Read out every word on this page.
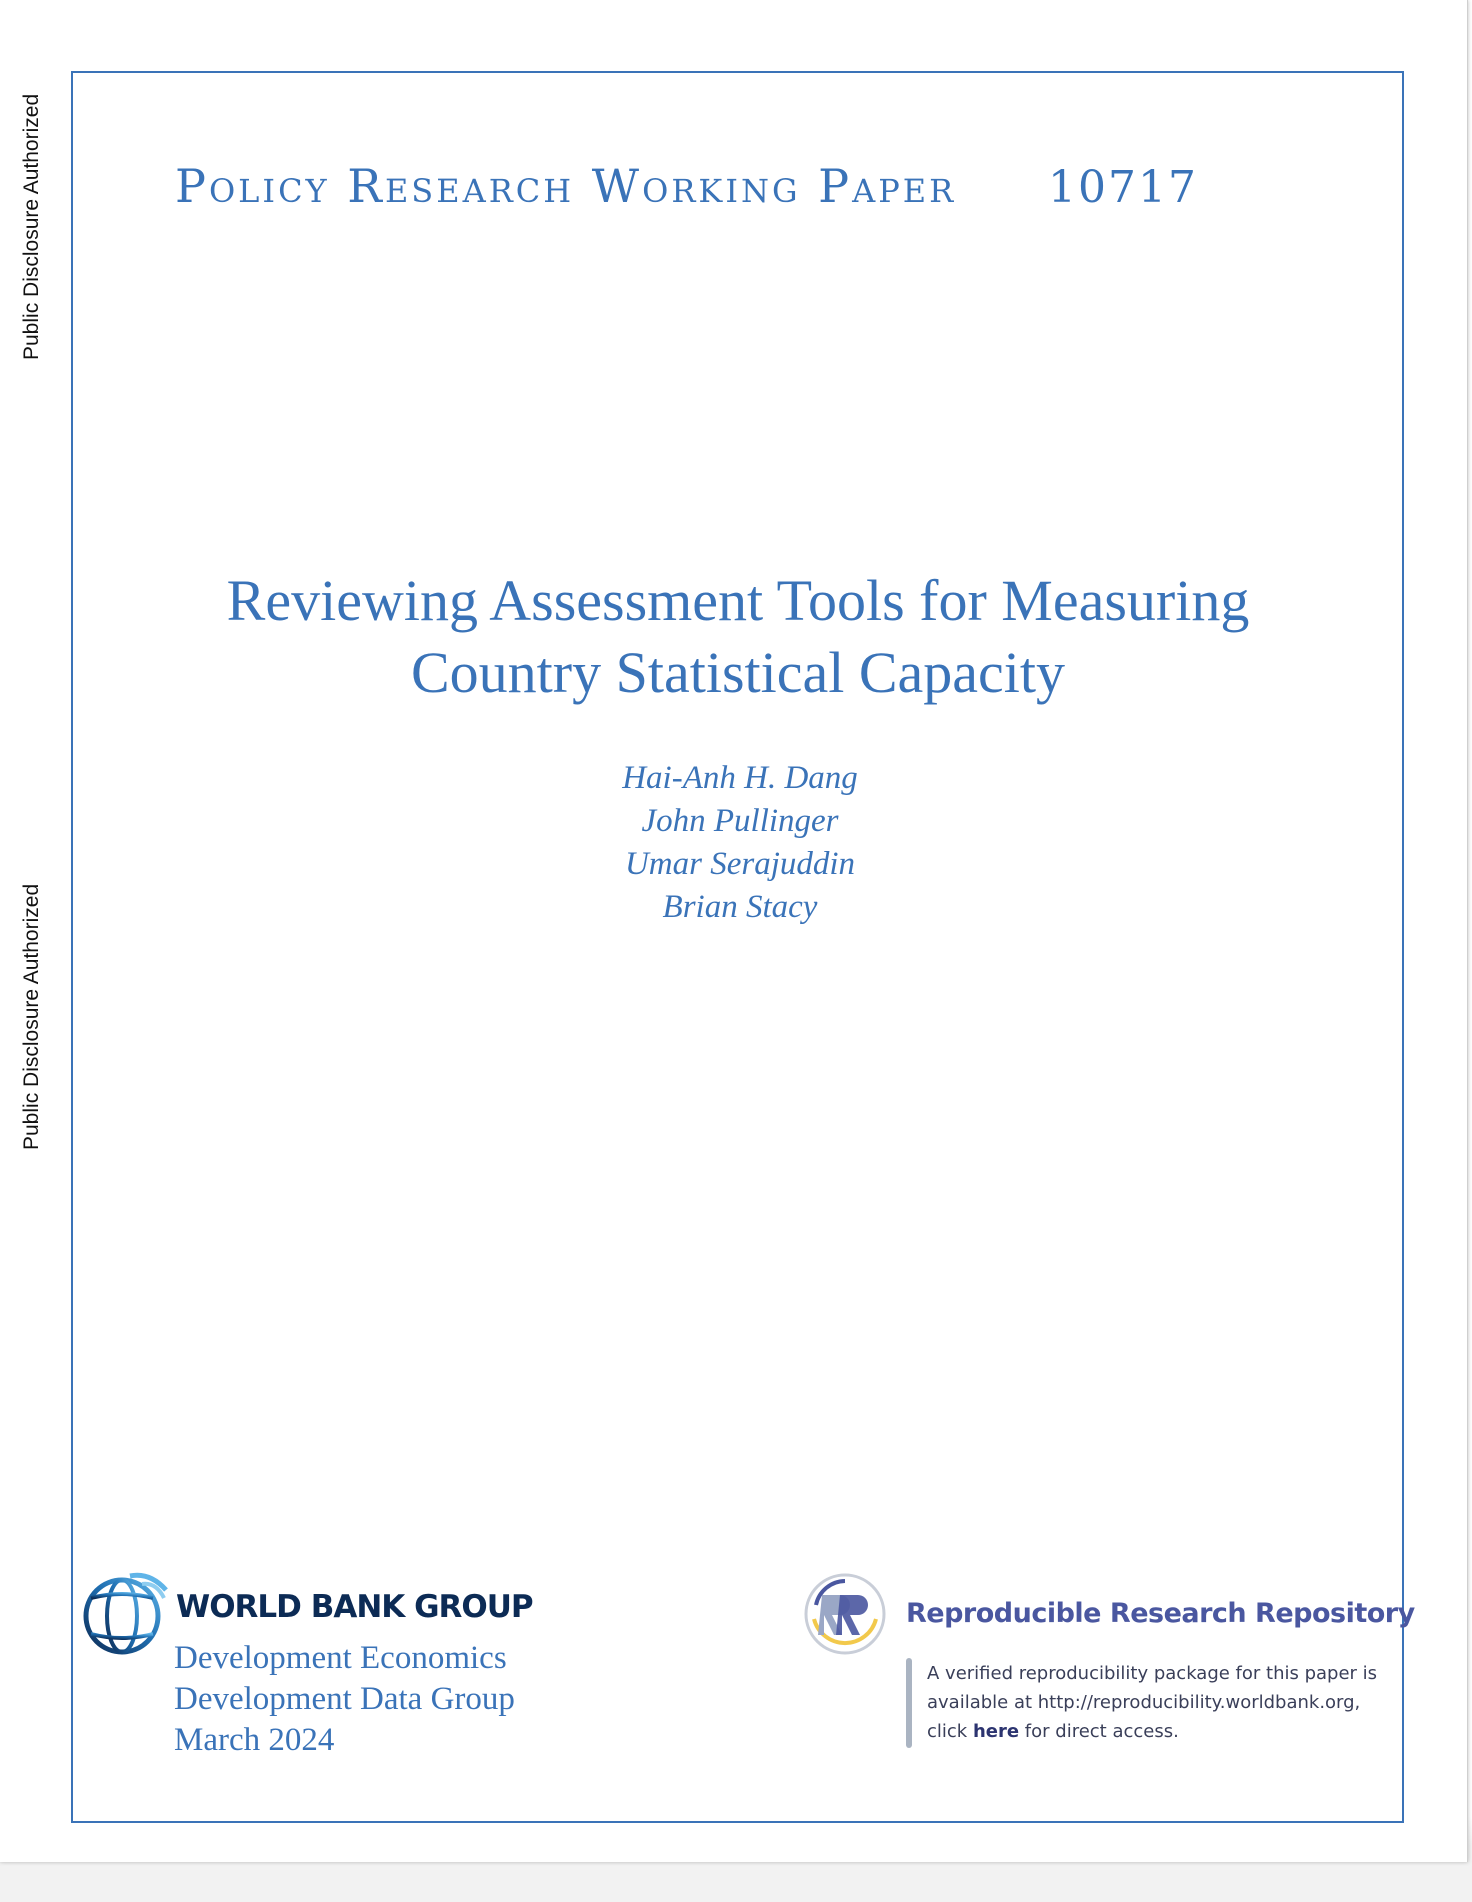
Public Disclosure Authorized
Public Disclosure Authorized
Policy Research Working Paper 10717
Reviewing Assessment Tools for Measuring
Country Statistical Capacity
Hai-Anh H. Dang
John Pullinger
Umar Serajuddin
Brian Stacy
WORLD BANK GROUP
Development Economics
Development Data Group
March 2024
Reproducible Research Repository
A verified reproducibility package for this paper is
available at http://reproducibility.worldbank.org,
click here for direct access.
